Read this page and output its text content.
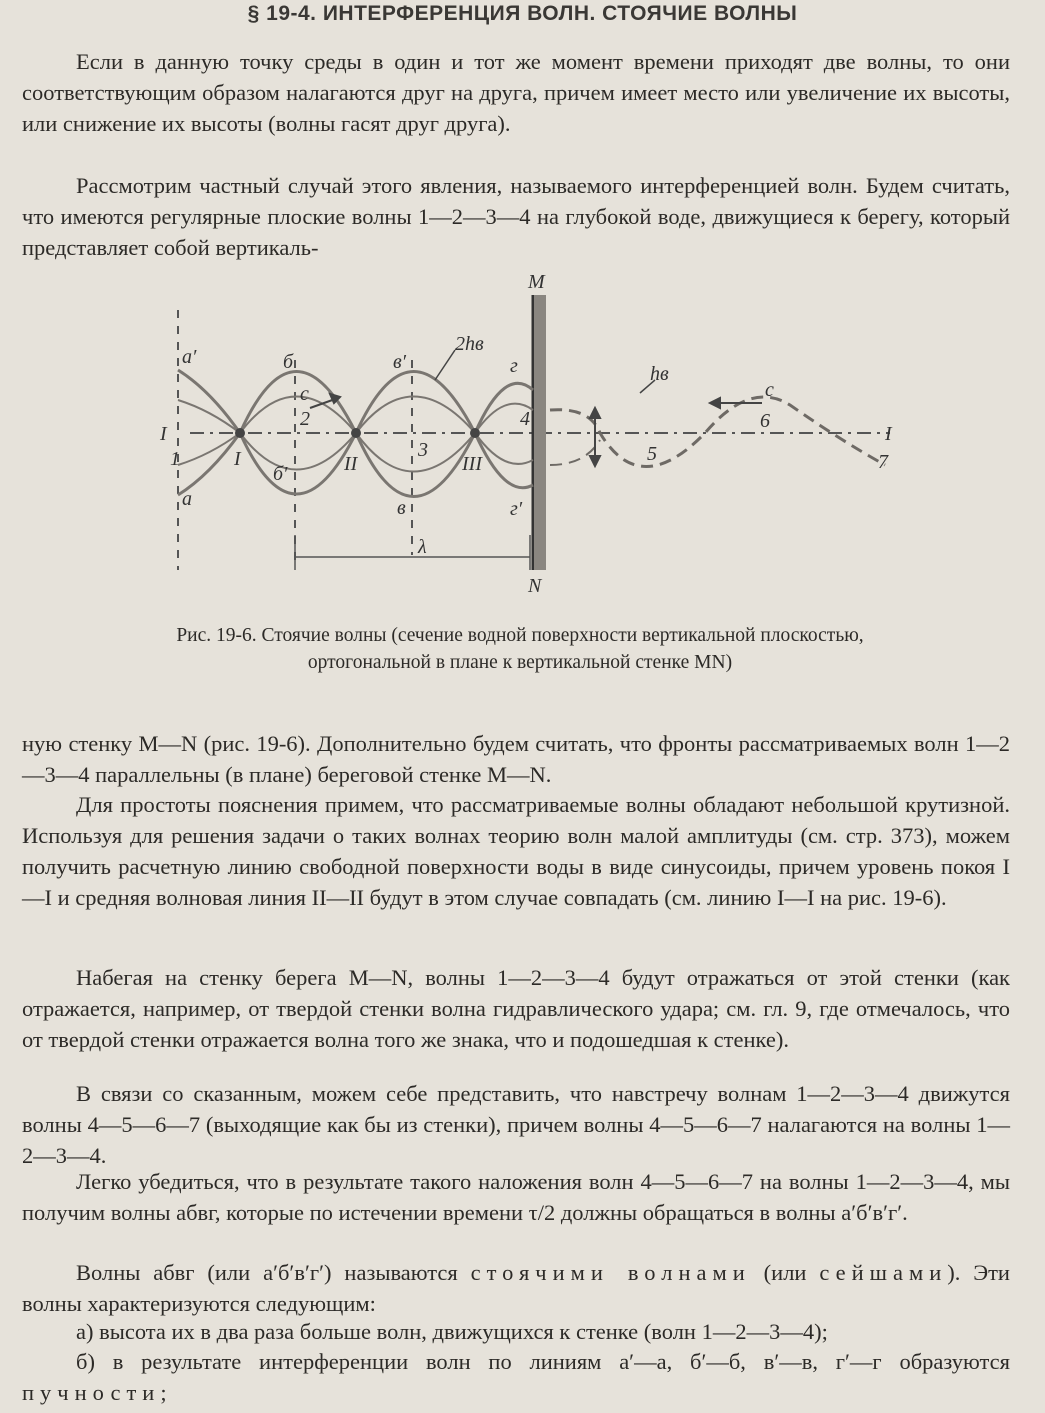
§ 19-4. ИНТЕРФЕРЕНЦИЯ ВОЛН. СТОЯЧИЕ ВОЛНЫ

Если в данную точку среды в один и тот же момент времени приходят две волны, то они соответствующим образом налагаются друг на друга, причем имеет место или увеличение их высоты, или снижение их высоты (волны гасят друг друга).

Рассмотрим частный случай этого явления, называемого интерференцией волн. Будем считать, что имеются регулярные плоские волны 1—2—3—4 на глубокой воде, движущиеся к берегу, который представляет собой вертикаль-

M
N
I	I
1
2
3
4
5
6
7
I	II	III
а′
а
б
б′
в′
в
г
г′
c	c
2hв
hв
λ
Рис. 19-6. Стоячие волны (сечение водной поверхности вертикальной плоскостью, ортогональной в плане к вертикальной стенке MN)

ную стенку M—N (рис. 19-6). Дополнительно будем считать, что фронты рассматриваемых волн 1—2—3—4 параллельны (в плане) береговой стенке M—N.

Для простоты пояснения примем, что рассматриваемые волны обладают небольшой крутизной. Используя для решения задачи о таких волнах теорию волн малой амплитуды (см. стр. 373), можем получить расчетную линию свободной поверхности воды в виде синусоиды, причем уровень покоя I—I и средняя волновая линия II—II будут в этом случае совпадать (см. линию I—I на рис. 19-6).

Набегая на стенку берега M—N, волны 1—2—3—4 будут отражаться от этой стенки (как отражается, например, от твердой стенки волна гидравлического удара; см. гл. 9, где отмечалось, что от твердой стенки отражается волна того же знака, что и подошедшая к стенке).

В связи со сказанным, можем себе представить, что навстречу волнам 1—2—3—4 движутся волны 4—5—6—7 (выходящие как бы из стенки), причем волны 4—5—6—7 налагаются на волны 1—2—3—4.

Легко убедиться, что в результате такого наложения волн 4—5—6—7 на волны 1—2—3—4, мы получим волны абвг, которые по истечении времени τ/2 должны обращаться в волны а′б′в′г′.

Волны абвг (или а′б′в′г′) называются стоячими волнами (или сейшами). Эти волны характеризуются следующим:

а) высота их в два раза больше волн, движущихся к стенке (волн 1—2—3—4);

б) в результате интерференции волн по линиям а′—а, б′—б, в′—в, г′—г образуются пучности;
